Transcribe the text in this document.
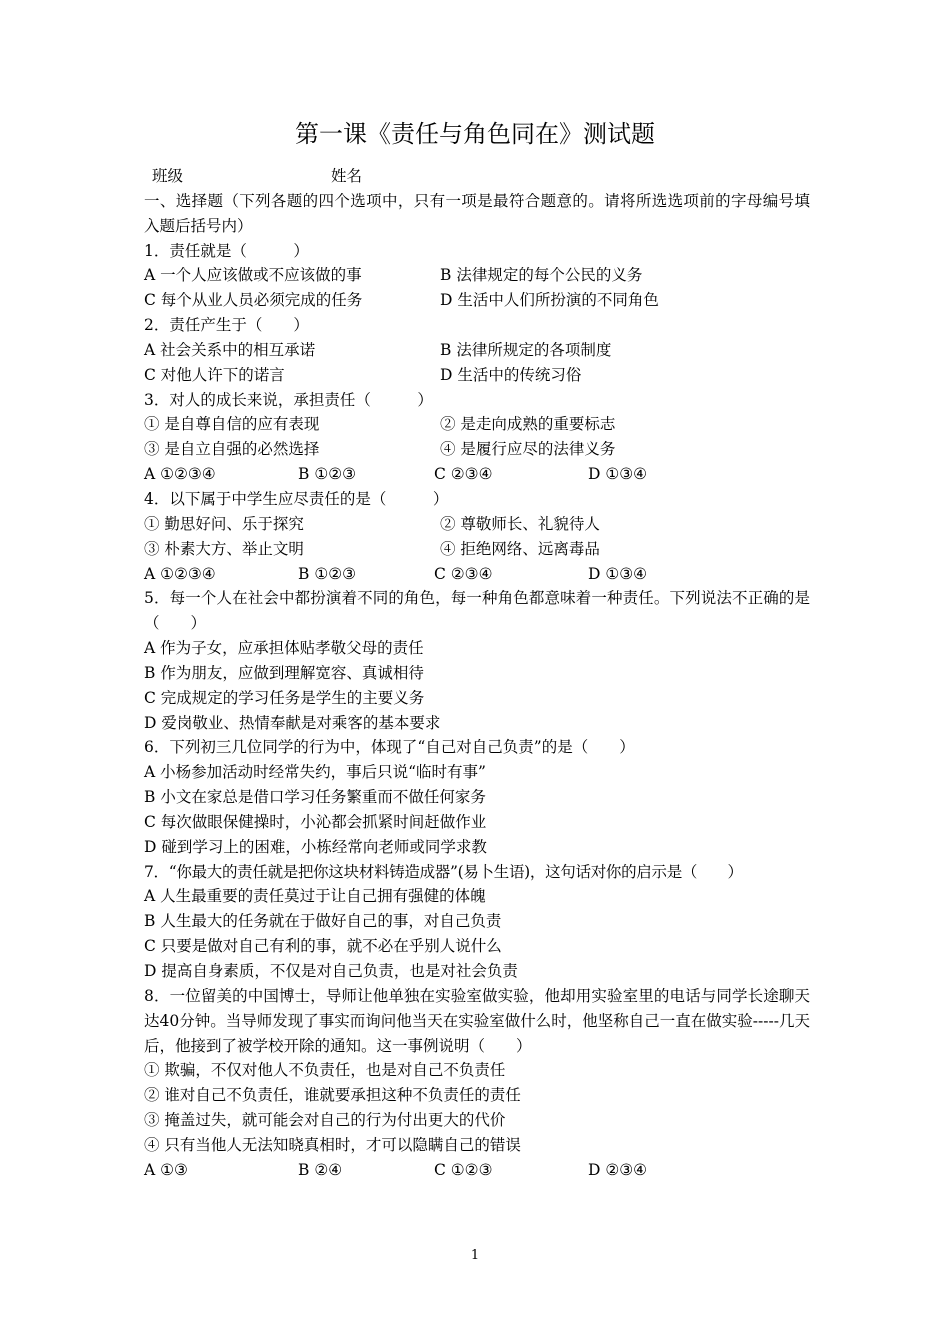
第一课《责任与角色同在》测试题
班级	姓名
一、选择题（下列各题的四个选项中，只有一项是最符合题意的。请将所选选项前的字母编号填入题后括号内）
1．责任就是（　　　）
A 一个人应该做或不应该做的事	B 法律规定的每个公民的义务
C 每个从业人员必须完成的任务	D 生活中人们所扮演的不同角色
2．责任产生于（　　）
A 社会关系中的相互承诺	B 法律所规定的各项制度
C 对他人许下的诺言	D 生活中的传统习俗
3．对人的成长来说，承担责任（　　　）
① 是自尊自信的应有表现	② 是走向成熟的重要标志
③ 是自立自强的必然选择	④ 是履行应尽的法律义务
A ①②③④	B ①②③	C ②③④	D ①③④
4．以下属于中学生应尽责任的是（　　　）
① 勤思好问、乐于探究	② 尊敬师长、礼貌待人
③ 朴素大方、举止文明	④ 拒绝网络、远离毒品
A ①②③④	B ①②③	C ②③④	D ①③④
5．每一个人在社会中都扮演着不同的角色，每一种角色都意味着一种责任。下列说法不正确的是（　　）
A 作为子女，应承担体贴孝敬父母的责任
B 作为朋友，应做到理解宽容、真诚相待
C 完成规定的学习任务是学生的主要义务
D 爱岗敬业、热情奉献是对乘客的基本要求
6．下列初三几位同学的行为中，体现了“自己对自己负责”的是（　　）
A 小杨参加活动时经常失约，事后只说“临时有事”
B 小文在家总是借口学习任务繁重而不做任何家务
C 每次做眼保健操时，小沁都会抓紧时间赶做作业
D 碰到学习上的困难，小栋经常向老师或同学求教
7．“你最大的责任就是把你这块材料铸造成器”(易卜生语)，这句话对你的启示是（　　）
A 人生最重要的责任莫过于让自己拥有强健的体魄
B 人生最大的任务就在于做好自己的事，对自己负责
C 只要是做对自己有利的事，就不必在乎别人说什么
D 提高自身素质，不仅是对自己负责，也是对社会负责
8．一位留美的中国博士，导师让他单独在实验室做实验，他却用实验室里的电话与同学长途聊天达40分钟。当导师发现了事实而询问他当天在实验室做什么时，他坚称自己一直在做实验-----几天后，他接到了被学校开除的通知。这一事例说明（　　）
① 欺骗，不仅对他人不负责任，也是对自己不负责任
② 谁对自己不负责任，谁就要承担这种不负责任的责任
③ 掩盖过失，就可能会对自己的行为付出更大的代价
④ 只有当他人无法知晓真相时，才可以隐瞒自己的错误
A ①③	B ②④	C ①②③	D ②③④
1
